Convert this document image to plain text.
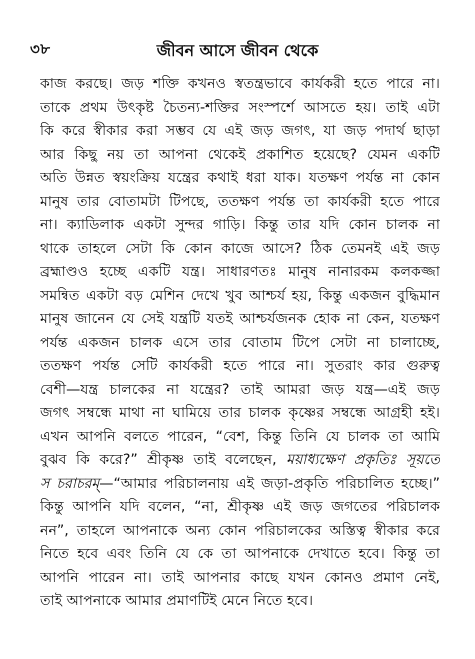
৩৮	জীবন আসে জীবন থেকে
কাজ করছে। জড় শক্তি কখনও স্বতন্ত্রভাবে কার্যকরী হতে পারে না।
তাকে প্রথম উৎকৃষ্ট চৈতন্য-শক্তির সংস্পর্শে আসতে হয়। তাই এটা
কি করে স্বীকার করা সম্ভব যে এই জড় জগৎ, যা জড় পদার্থ ছাড়া
আর কিছু নয় তা আপনা থেকেই প্রকাশিত হয়েছে? যেমন একটি
অতি উন্নত স্বয়ংক্রিয় যন্ত্রের কথাই ধরা যাক। যতক্ষণ পর্যন্ত না কোন
মানুষ তার বোতামটা টিপছে, ততক্ষণ পর্যন্ত তা কার্যকরী হতে পারে
না। ক্যাডিলাক একটা সুন্দর গাড়ি। কিন্তু তার যদি কোন চালক না
থাকে তাহলে সেটা কি কোন কাজে আসে? ঠিক তেমনই এই জড়
ব্রহ্মাণ্ডও হচ্ছে একটি যন্ত্র। সাধারণতঃ মানুষ নানারকম কলকজ্জা
সমন্বিত একটা বড় মেশিন দেখে খুব আশ্চর্য হয়, কিন্তু একজন বুদ্ধিমান
মানুষ জানেন যে সেই যন্ত্রটি যতই আশ্চর্যজনক হোক না কেন, যতক্ষণ
পর্যন্ত একজন চালক এসে তার বোতাম টিপে সেটা না চালাচ্ছে,
ততক্ষণ পর্যন্ত সেটি কার্যকরী হতে পারে না। সুতরাং কার গুরুত্ব
বেশী—যন্ত্র চালকের না যন্ত্রের? তাই আমরা জড় যন্ত্র—এই জড়
জগৎ সম্বন্ধে মাথা না ঘামিয়ে তার চালক কৃষ্ণের সম্বন্ধে আগ্রহী হই।
এখন আপনি বলতে পারেন, “বেশ, কিন্তু তিনি যে চালক তা আমি
বুঝব কি করে?” শ্রীকৃষ্ণ তাই বলেছেন, ময়াধ্যক্ষেণ প্রকৃতিঃ সূয়তে
স চরাচরম্—“আমার পরিচালনায় এই জড়া-প্রকৃতি পরিচালিত হচ্ছে।”
কিন্তু আপনি যদি বলেন, “না, শ্রীকৃষ্ণ এই জড় জগতের পরিচালক
নন”, তাহলে আপনাকে অন্য কোন পরিচালকের অস্তিত্ব স্বীকার করে
নিতে হবে এবং তিনি যে কে তা আপনাকে দেখাতে হবে। কিন্তু তা
আপনি পারেন না। তাই আপনার কাছে যখন কোনও প্রমাণ নেই,
তাই আপনাকে আমার প্রমাণটিই মেনে নিতে হবে।
